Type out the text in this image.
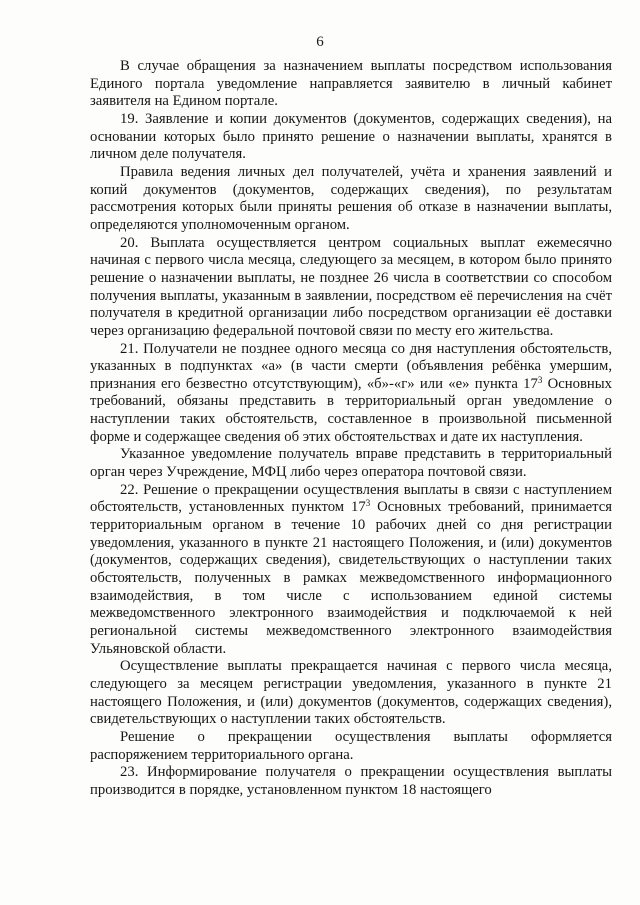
6

В случае обращения за назначением выплаты посредством использования Единого портала уведомление направляется заявителю в личный кабинет заявителя на Едином портале.

19. Заявление и копии документов (документов, содержащих сведения), на основании которых было принято решение о назначении выплаты, хранятся в личном деле получателя.

Правила ведения личных дел получателей, учёта и хранения заявлений и копий документов (документов, содержащих сведения), по результатам рассмотрения которых были приняты решения об отказе в назначении выплаты, определяются уполномоченным органом.

20. Выплата осуществляется центром социальных выплат ежемесячно начиная с первого числа месяца, следующего за месяцем, в котором было принято решение о назначении выплаты, не позднее 26 числа в соответствии со способом получения выплаты, указанным в заявлении, посредством её перечисления на счёт получателя в кредитной организации либо посредством организации её доставки через организацию федеральной почтовой связи по месту его жительства.

21. Получатели не позднее одного месяца со дня наступления обстоятельств, указанных в подпунктах «а» (в части смерти (объявления ребёнка умершим, признания его безвестно отсутствующим), «б»-«г» или «е» пункта $17^3$ Основных требований, обязаны представить в территориальный орган уведомление о наступлении таких обстоятельств, составленное в произвольной письменной форме и содержащее сведения об этих обстоятельствах и дате их наступления.

Указанное уведомление получатель вправе представить в территориальный орган через Учреждение, МФЦ либо через оператора почтовой связи.

22. Решение о прекращении осуществления выплаты в связи с наступлением обстоятельств, установленных пунктом $17^3$ Основных требований, принимается территориальным органом в течение 10 рабочих дней со дня регистрации уведомления, указанного в пункте 21 настоящего Положения, и (или) документов (документов, содержащих сведения), свидетельствующих о наступлении таких обстоятельств, полученных в рамках межведомственного информационного взаимодействия, в том числе с использованием единой системы межведомственного электронного взаимодействия и подключаемой к ней региональной системы межведомственного электронного взаимодействия Ульяновской области.

Осуществление выплаты прекращается начиная с первого числа месяца, следующего за месяцем регистрации уведомления, указанного в пункте 21 настоящего Положения, и (или) документов (документов, содержащих сведения), свидетельствующих о наступлении таких обстоятельств.

Решение о прекращении осуществления выплаты оформляется распоряжением территориального органа.

23. Информирование получателя о прекращении осуществления выплаты производится в порядке, установленном пунктом 18 настоящего
